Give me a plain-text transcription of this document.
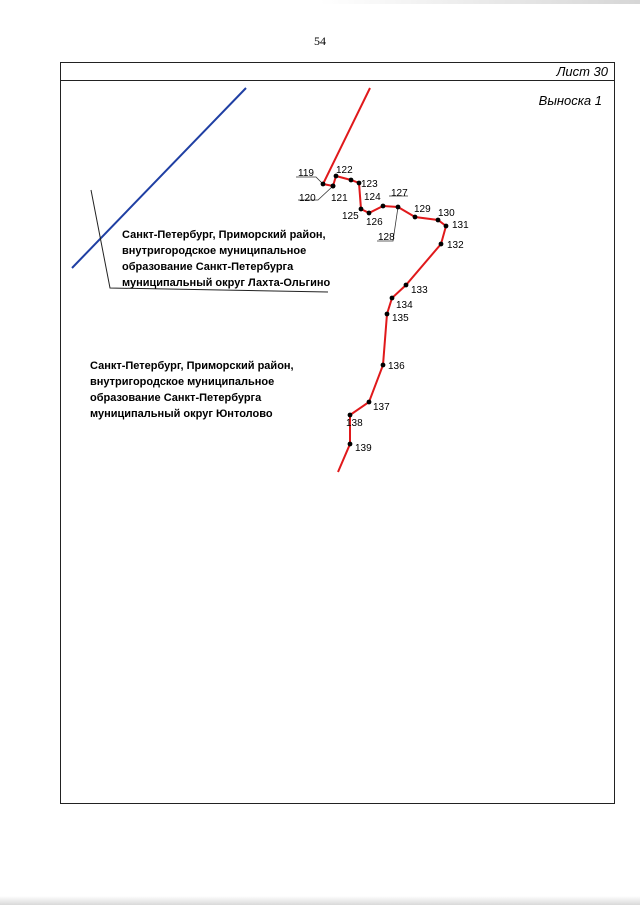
54
Лист 30
Выноска 1
119
120 121
122
123
124
125
126
127
128
129 130
131
132
133
134
135
136
137
138
139
Санкт-Петербург, Приморский район,
внутригородское муниципальное
образование Санкт-Петербурга
муниципальный округ Лахта-Ольгино
Санкт-Петербург, Приморский район,
внутригородское муниципальное
образование Санкт-Петербурга
муниципальный округ Юнтолово
